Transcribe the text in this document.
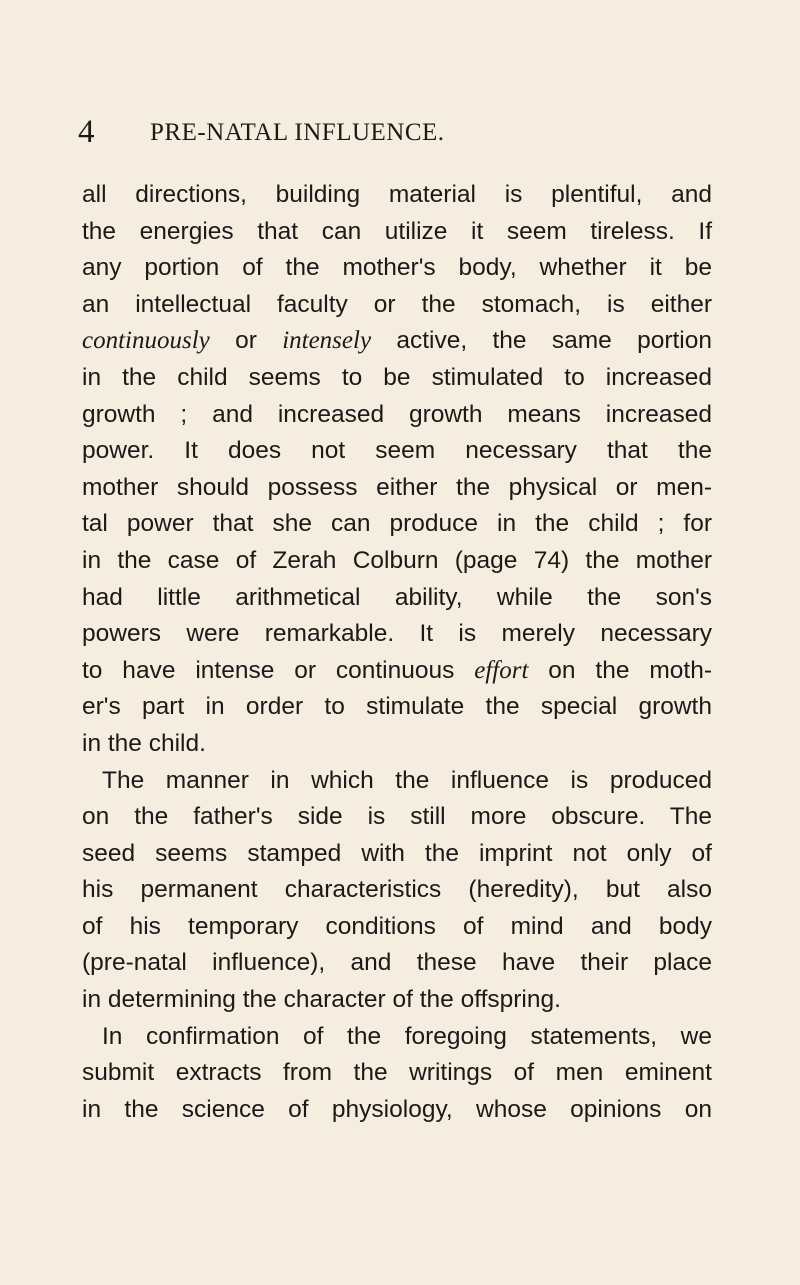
4 PRE-NATAL INFLUENCE.
all directions, building material is plentiful, and
the energies that can utilize it seem tireless. If
any portion of the mother's body, whether it be
an intellectual faculty or the stomach, is either
continuously or intensely active, the same portion
in the child seems to be stimulated to increased
growth ; and increased growth means increased
power. It does not seem necessary that the
mother should possess either the physical or men-
tal power that she can produce in the child ; for
in the case of Zerah Colburn (page 74) the mother
had little arithmetical ability, while the son's
powers were remarkable. It is merely necessary
to have intense or continuous effort on the moth-
er's part in order to stimulate the special growth
in the child.
The manner in which the influence is produced
on the father's side is still more obscure. The
seed seems stamped with the imprint not only of
his permanent characteristics (heredity), but also
of his temporary conditions of mind and body
(pre-natal influence), and these have their place
in determining the character of the offspring.
In confirmation of the foregoing statements, we
submit extracts from the writings of men eminent
in the science of physiology, whose opinions on
